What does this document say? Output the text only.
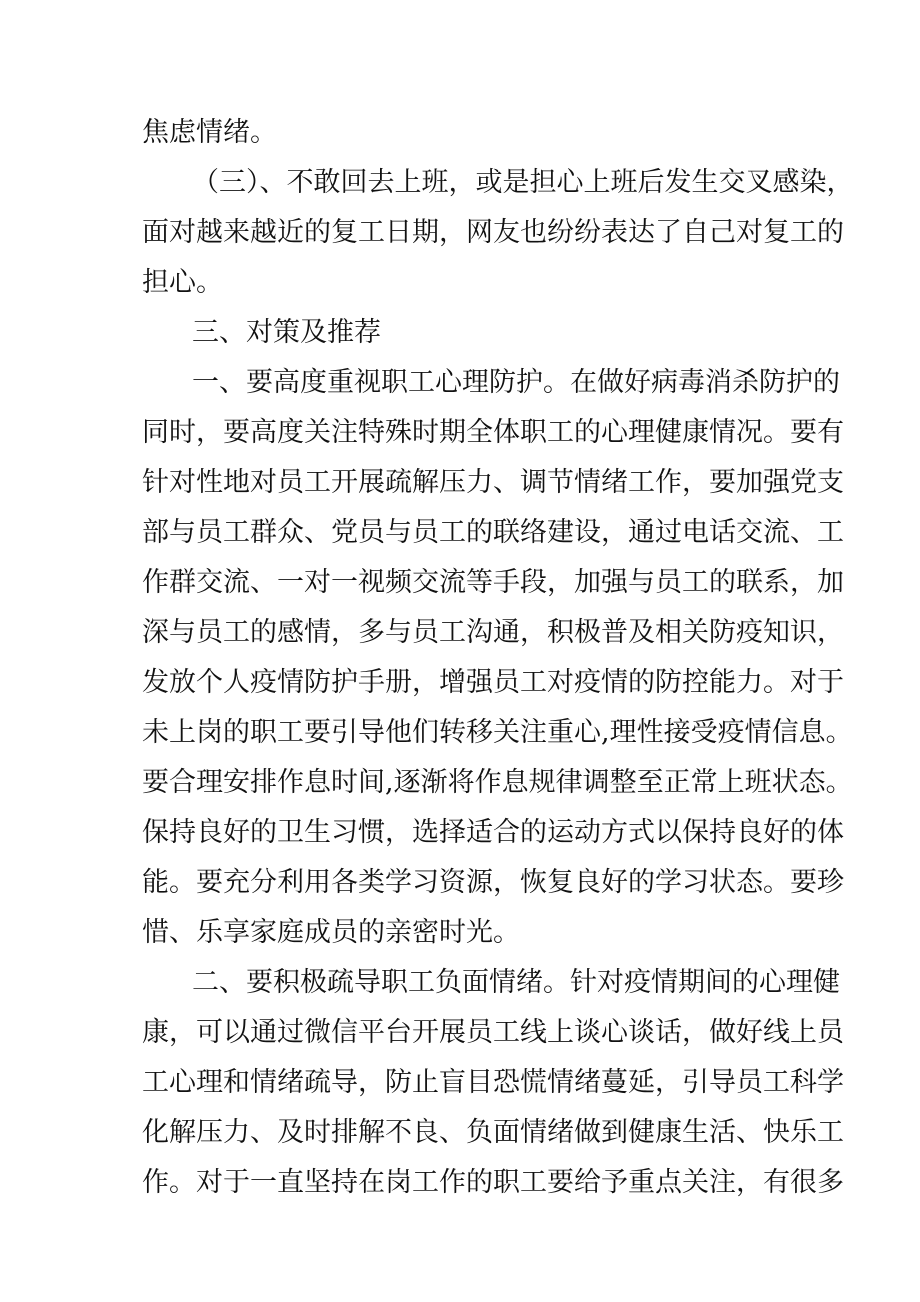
焦虑情绪。
（三）、不敢回去上班，或是担心上班后发生交叉感染，
面对越来越近的复工日期，网友也纷纷表达了自己对复工的
担心。
三、对策及推荐
一、要高度重视职工心理防护。在做好病毒消杀防护的
同时，要高度关注特殊时期全体职工的心理健康情况。要有
针对性地对员工开展疏解压力、调节情绪工作，要加强党支
部与员工群众、党员与员工的联络建设，通过电话交流、工
作群交流、一对一视频交流等手段，加强与员工的联系，加
深与员工的感情，多与员工沟通，积极普及相关防疫知识，
发放个人疫情防护手册，增强员工对疫情的防控能力。对于
未上岗的职工要引导他们转移关注重心,理性接受疫情信息。
要合理安排作息时间,逐渐将作息规律调整至正常上班状态。
保持良好的卫生习惯，选择适合的运动方式以保持良好的体
能。要充分利用各类学习资源，恢复良好的学习状态。要珍
惜、乐享家庭成员的亲密时光。
二、要积极疏导职工负面情绪。针对疫情期间的心理健
康，可以通过微信平台开展员工线上谈心谈话，做好线上员
工心理和情绪疏导，防止盲目恐慌情绪蔓延，引导员工科学
化解压力、及时排解不良、负面情绪做到健康生活、快乐工
作。对于一直坚持在岗工作的职工要给予重点关注，有很多
